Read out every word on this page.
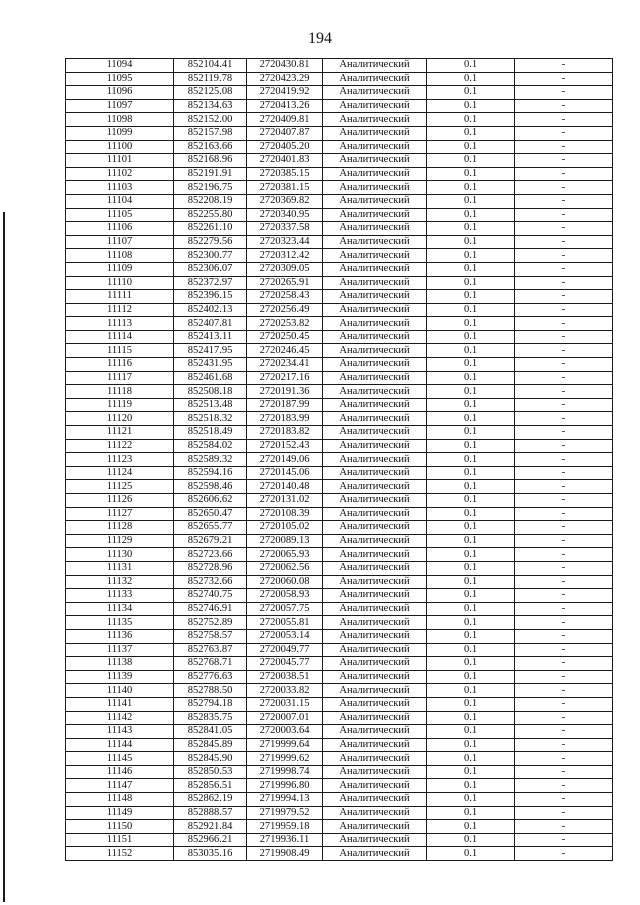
194
11094	852104.41	2720430.81	Аналитический	0.1	-
11095	852119.78	2720423.29	Аналитический	0.1	-
11096	852125.08	2720419.92	Аналитический	0.1	-
11097	852134.63	2720413.26	Аналитический	0.1	-
11098	852152.00	2720409.81	Аналитический	0.1	-
11099	852157.98	2720407.87	Аналитический	0.1	-
11100	852163.66	2720405.20	Аналитический	0.1	-
11101	852168.96	2720401.83	Аналитический	0.1	-
11102	852191.91	2720385.15	Аналитический	0.1	-
11103	852196.75	2720381.15	Аналитический	0.1	-
11104	852208.19	2720369.82	Аналитический	0.1	-
11105	852255.80	2720340.95	Аналитический	0.1	-
11106	852261.10	2720337.58	Аналитический	0.1	-
11107	852279.56	2720323.44	Аналитический	0.1	-
11108	852300.77	2720312.42	Аналитический	0.1	-
11109	852306.07	2720309.05	Аналитический	0.1	-
11110	852372.97	2720265.91	Аналитический	0.1	-
11111	852396.15	2720258.43	Аналитический	0.1	-
11112	852402.13	2720256.49	Аналитический	0.1	-
11113	852407.81	2720253.82	Аналитический	0.1	-
11114	852413.11	2720250.45	Аналитический	0.1	-
11115	852417.95	2720246.45	Аналитический	0.1	-
11116	852431.95	2720234.41	Аналитический	0.1	-
11117	852461.68	2720217.16	Аналитический	0.1	-
11118	852508.18	2720191.36	Аналитический	0.1	-
11119	852513.48	2720187.99	Аналитический	0.1	-
11120	852518.32	2720183.99	Аналитический	0.1	-
11121	852518.49	2720183.82	Аналитический	0.1	-
11122	852584.02	2720152.43	Аналитический	0.1	-
11123	852589.32	2720149.06	Аналитический	0.1	-
11124	852594.16	2720145.06	Аналитический	0.1	-
11125	852598.46	2720140.48	Аналитический	0.1	-
11126	852606.62	2720131.02	Аналитический	0.1	-
11127	852650.47	2720108.39	Аналитический	0.1	-
11128	852655.77	2720105.02	Аналитический	0.1	-
11129	852679.21	2720089.13	Аналитический	0.1	-
11130	852723.66	2720065.93	Аналитический	0.1	-
11131	852728.96	2720062.56	Аналитический	0.1	-
11132	852732.66	2720060.08	Аналитический	0.1	-
11133	852740.75	2720058.93	Аналитический	0.1	-
11134	852746.91	2720057.75	Аналитический	0.1	-
11135	852752.89	2720055.81	Аналитический	0.1	-
11136	852758.57	2720053.14	Аналитический	0.1	-
11137	852763.87	2720049.77	Аналитический	0.1	-
11138	852768.71	2720045.77	Аналитический	0.1	-
11139	852776.63	2720038.51	Аналитический	0.1	-
11140	852788.50	2720033.82	Аналитический	0.1	-
11141	852794.18	2720031.15	Аналитический	0.1	-
11142	852835.75	2720007.01	Аналитический	0.1	-
11143	852841.05	2720003.64	Аналитический	0.1	-
11144	852845.89	2719999.64	Аналитический	0.1	-
11145	852845.90	2719999.62	Аналитический	0.1	-
11146	852850.53	2719998.74	Аналитический	0.1	-
11147	852856.51	2719996.80	Аналитический	0.1	-
11148	852862.19	2719994.13	Аналитический	0.1	-
11149	852888.57	2719979.52	Аналитический	0.1	-
11150	852921.84	2719959.18	Аналитический	0.1	-
11151	852966.21	2719936.11	Аналитический	0.1	-
11152	853035.16	2719908.49	Аналитический	0.1	-
